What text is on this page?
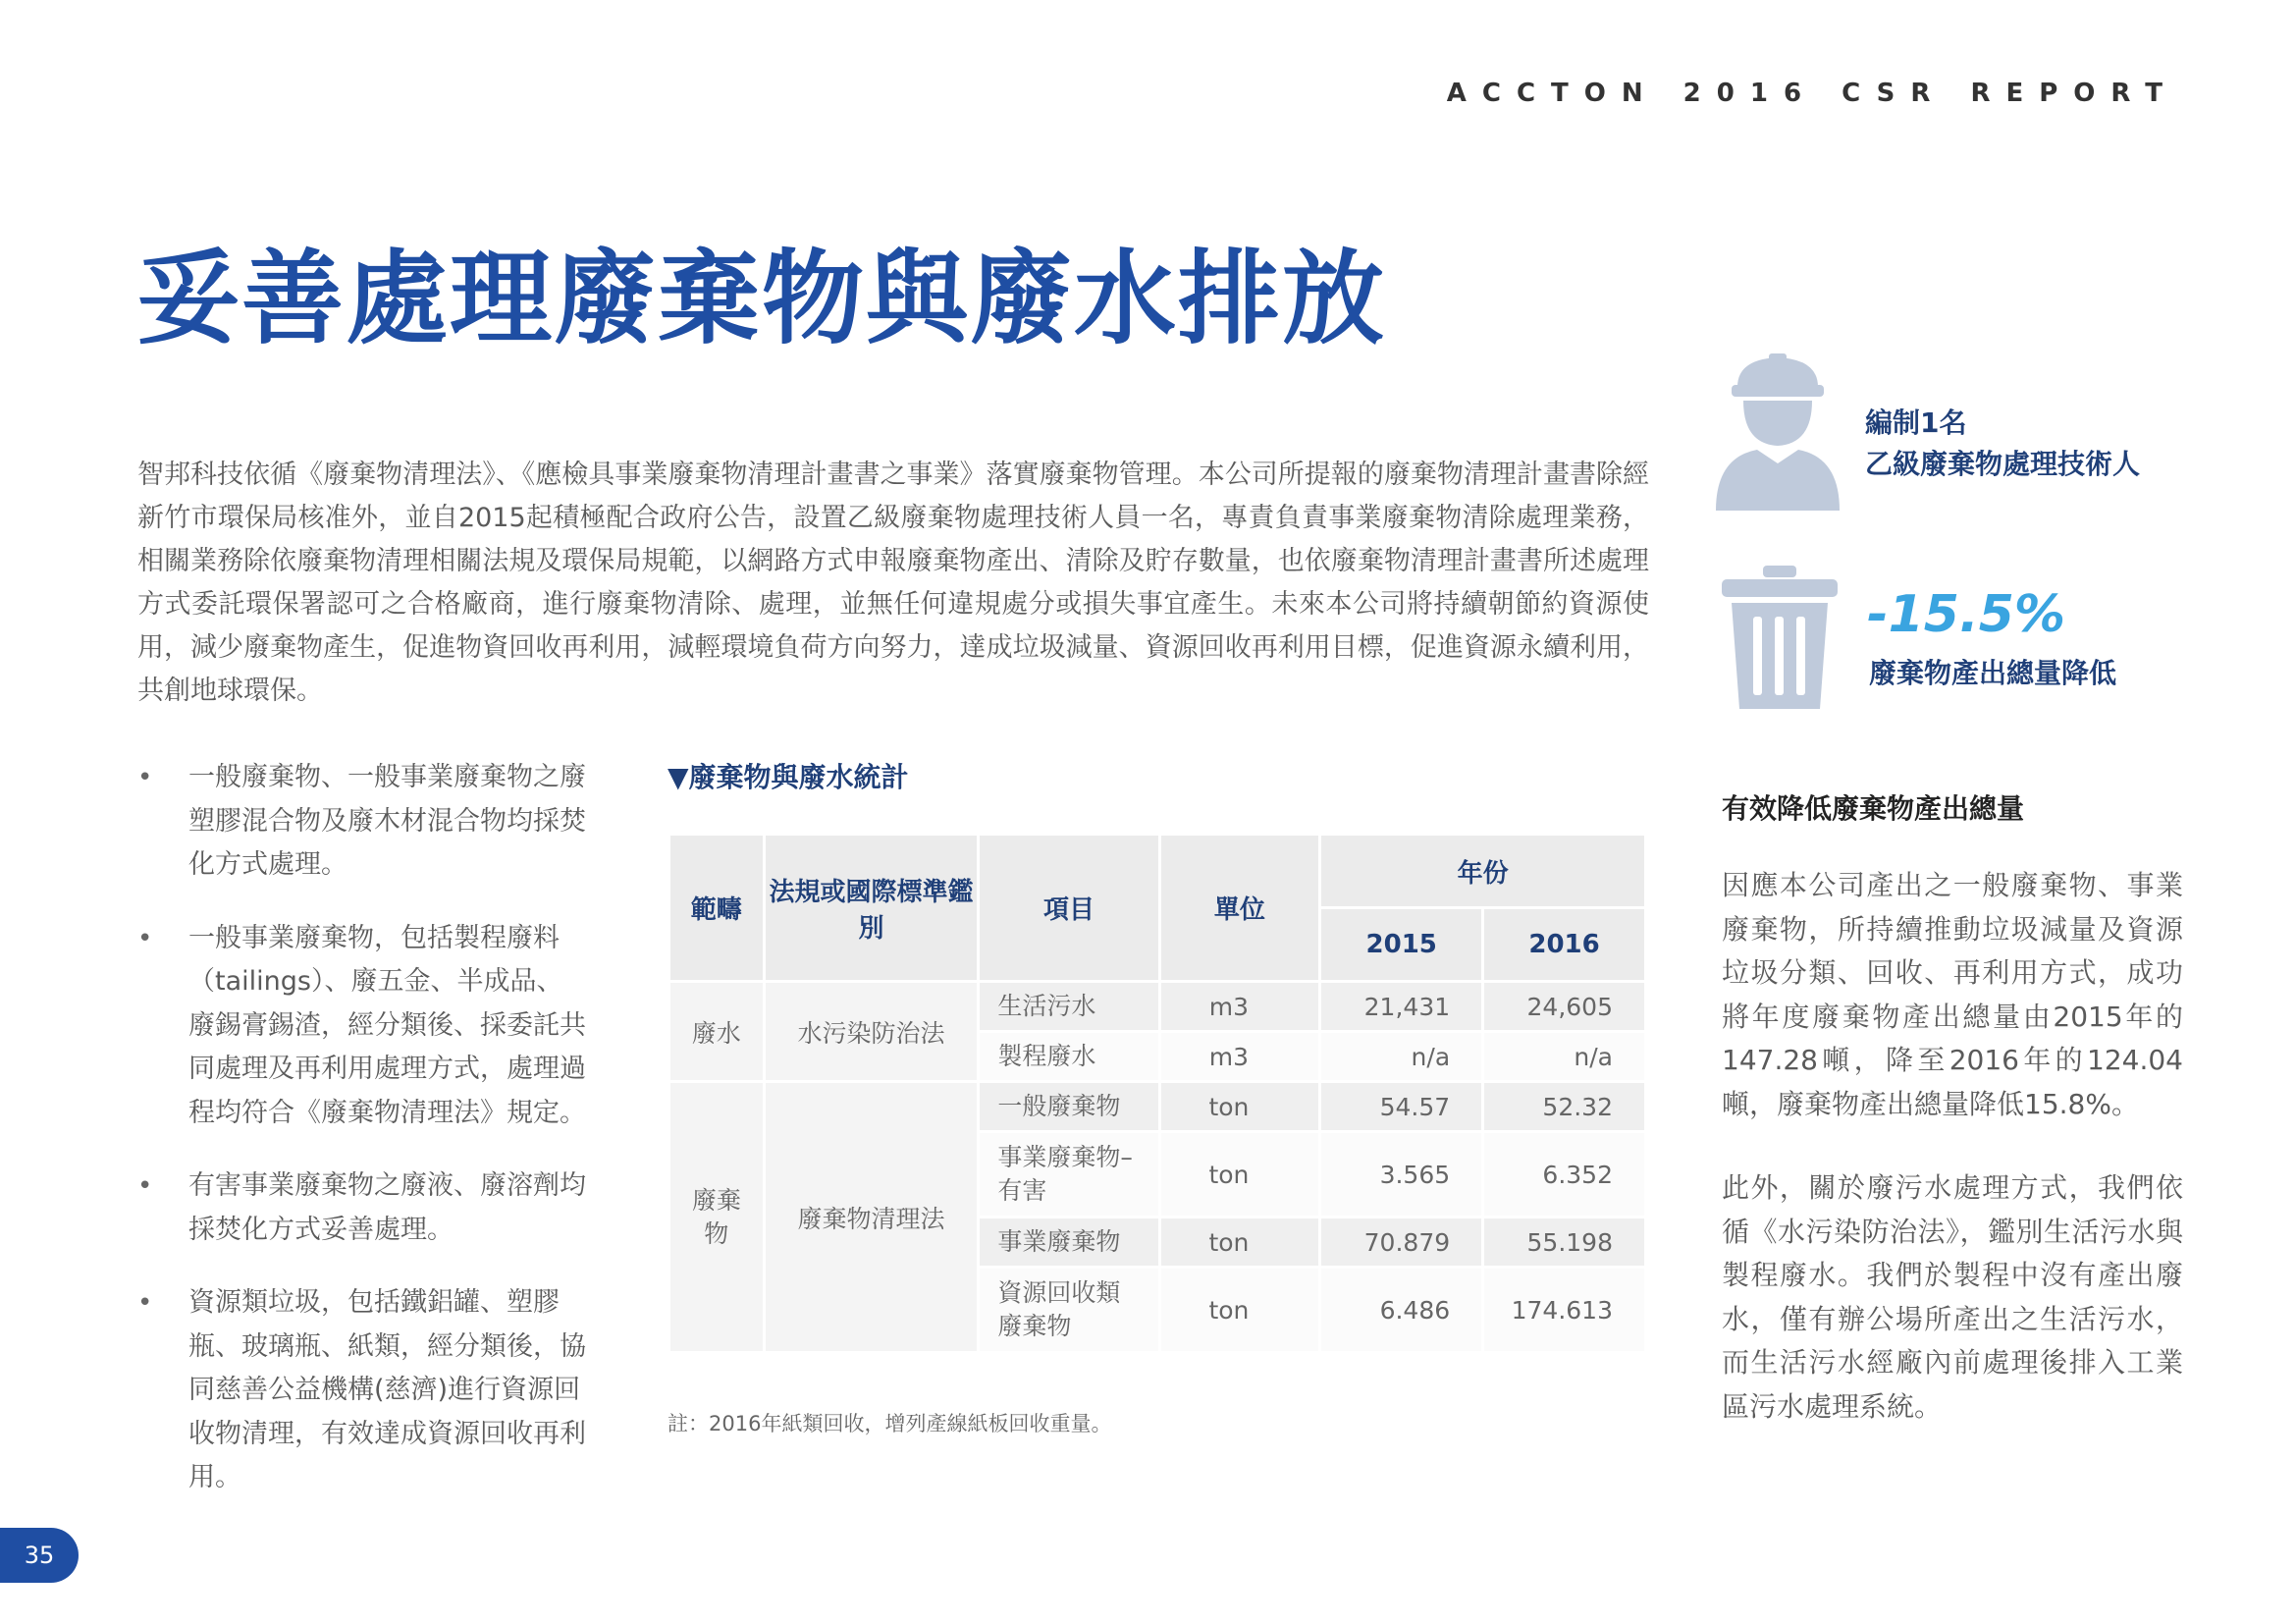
ACCTON 2016 CSR REPORT
妥善處理廢棄物與廢水排放
智邦科技依循《廢棄物清理法》、《應檢具事業廢棄物清理計畫書之事業》落實廢棄物管理。本公司所提報的廢棄物清理計畫書除經新竹市環保局核准外，並自2015起積極配合政府公告，設置乙級廢棄物處理技術人員一名，專責負責事業廢棄物清除處理業務，相關業務除依廢棄物清理相關法規及環保局規範，以網路方式申報廢棄物產出、清除及貯存數量，也依廢棄物清理計畫書所述處理方式委託環保署認可之合格廠商，進行廢棄物清除、處理，並無任何違規處分或損失事宜產生。未來本公司將持續朝節約資源使用，減少廢棄物產生，促進物資回收再利用，減輕環境負荷方向努力，達成垃圾減量、資源回收再利用目標，促進資源永續利用，共創地球環保。
• 一般廢棄物、一般事業廢棄物之廢塑膠混合物及廢木材混合物均採焚化方式處理。
• 一般事業廢棄物，包括製程廢料（tailings）、廢五金、半成品、廢錫膏錫渣，經分類後、採委託共同處理及再利用處理方式，處理過程均符合《廢棄物清理法》規定。
• 有害事業廢棄物之廢液、廢溶劑均採焚化方式妥善處理。
• 資源類垃圾，包括鐵鋁罐、塑膠瓶、玻璃瓶、紙類，經分類後，協同慈善公益機構(慈濟)進行資源回收物清理，有效達成資源回收再利用。
▼廢棄物與廢水統計
範疇	法規或國際標準鑑別	項目	單位	年份	
				2015	2016
廢水	水污染防治法	生活污水	m3	21,431	24,605
		製程廢水	m3	n/a	n/a
廢棄物	廢棄物清理法	一般廢棄物	ton	54.57	52.32
		事業廢棄物–有害	ton	3.565	6.352
		事業廢棄物	ton	70.879	55.198
		資源回收類廢棄物	ton	6.486	174.613
註：2016年紙類回收，增列產線紙板回收重量。
編制1名
乙級廢棄物處理技術人
-15.5%
廢棄物產出總量降低
有效降低廢棄物產出總量
因應本公司產出之一般廢棄物、事業廢棄物，所持續推動垃圾減量及資源垃圾分類、回收、再利用方式，成功將年度廢棄物產出總量由2015年的147.28噸，降至2016年的124.04噸，廢棄物產出總量降低15.8%。
此外，關於廢污水處理方式，我們依循《水污染防治法》，鑑別生活污水與製程廢水。我們於製程中沒有產出廢水，僅有辦公場所產出之生活污水，而生活污水經廠內前處理後排入工業區污水處理系統。
35
